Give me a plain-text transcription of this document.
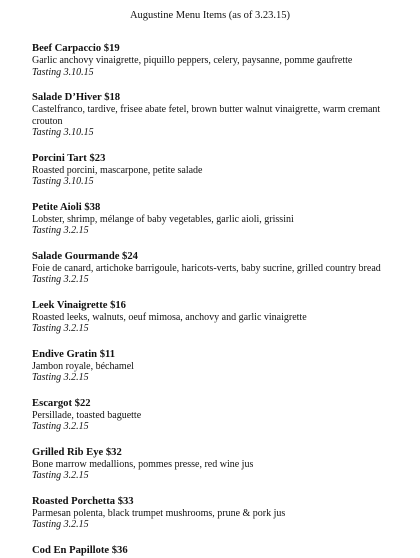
Augustine Menu Items (as of 3.23.15)
Beef Carpaccio $19
Garlic anchovy vinaigrette, piquillo peppers, celery, paysanne, pomme gaufrette
Tasting 3.10.15
Salade D’Hiver $18
Castelfranco, tardive, frisee abate fetel, brown butter walnut vinaigrette, warm cremant crouton
Tasting 3.10.15
Porcini Tart $23
Roasted porcini, mascarpone, petite salade
Tasting 3.10.15
Petite Aioli $38
Lobster, shrimp, mélange of baby vegetables, garlic aioli, grissini
Tasting 3.2.15
Salade Gourmande $24
Foie de canard, artichoke barrigoule, haricots-verts, baby sucrine, grilled country bread
Tasting 3.2.15
Leek Vinaigrette $16
Roasted leeks, walnuts, oeuf mimosa, anchovy and garlic vinaigrette
Tasting 3.2.15
Endive Gratin $11
Jambon royale, béchamel
Tasting 3.2.15
Escargot $22
Persillade, toasted baguette
Tasting 3.2.15
Grilled Rib Eye $32
Bone marrow medallions, pommes presse, red wine jus
Tasting 3.2.15
Roasted Porchetta $33
Parmesan polenta, black trumpet mushrooms, prune & pork jus
Tasting 3.2.15
Cod En Papillote $36
